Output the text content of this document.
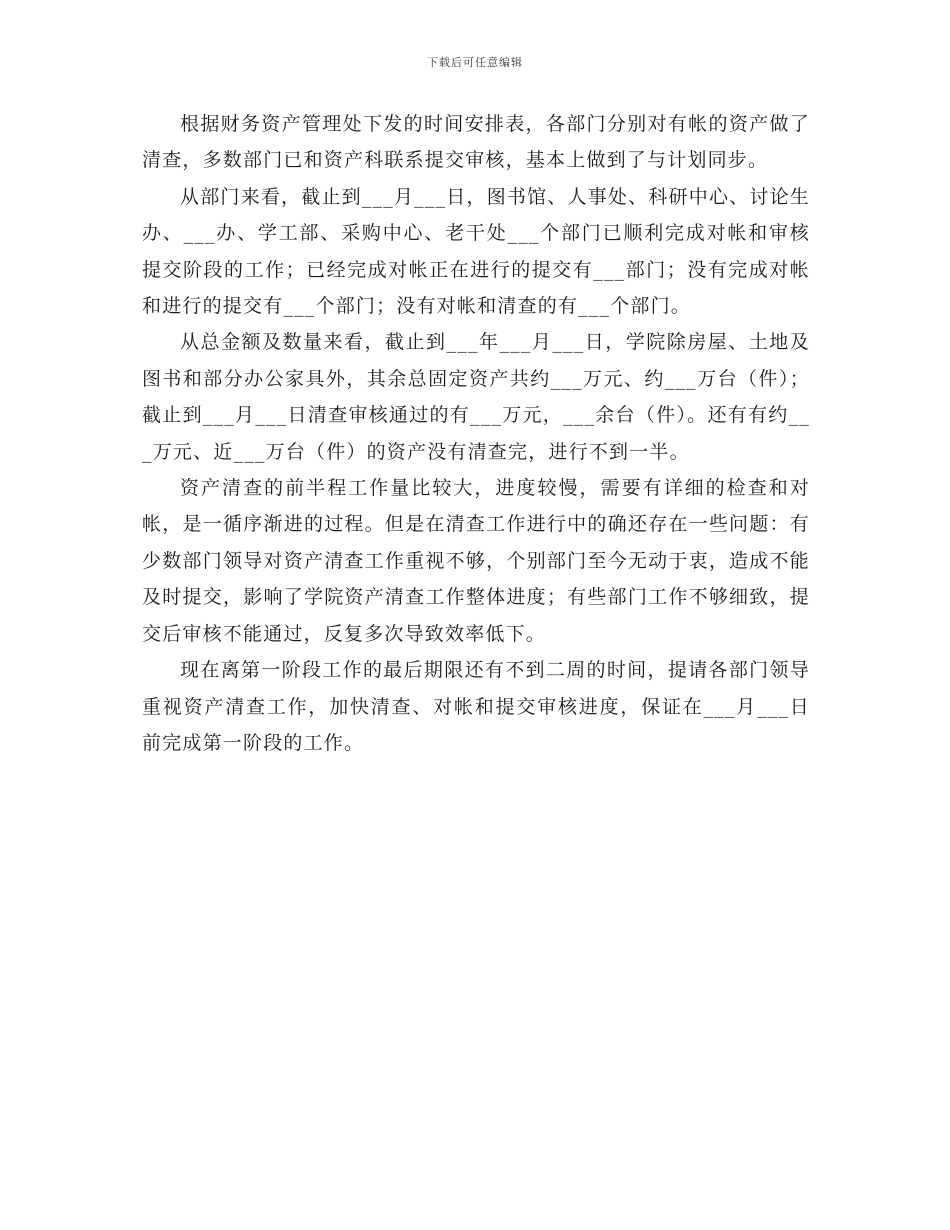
下载后可任意编辑

根据财务资产管理处下发的时间安排表，各部门分别对有帐的资产做了清查，多数部门已和资产科联系提交审核，基本上做到了与计划同步。

从部门来看，截止到___月___日，图书馆、人事处、科研中心、讨论生办、___办、学工部、采购中心、老干处___个部门已顺利完成对帐和审核提交阶段的工作；已经完成对帐正在进行的提交有___部门；没有完成对帐和进行的提交有___个部门；没有对帐和清查的有___个部门。

从总金额及数量来看，截止到___年___月___日，学院除房屋、土地及图书和部分办公家具外，其余总固定资产共约___万元、约___万台（件）；截止到___月___日清查审核通过的有___万元，___余台（件）。还有有约___万元、近___万台（件）的资产没有清查完，进行不到一半。

资产清查的前半程工作量比较大，进度较慢，需要有详细的检查和对帐，是一循序渐进的过程。但是在清查工作进行中的确还存在一些问题：有少数部门领导对资产清查工作重视不够，个别部门至今无动于衷，造成不能及时提交，影响了学院资产清查工作整体进度；有些部门工作不够细致，提交后审核不能通过，反复多次导致效率低下。

现在离第一阶段工作的最后期限还有不到二周的时间，提请各部门领导重视资产清查工作，加快清查、对帐和提交审核进度，保证在___月___日前完成第一阶段的工作。
